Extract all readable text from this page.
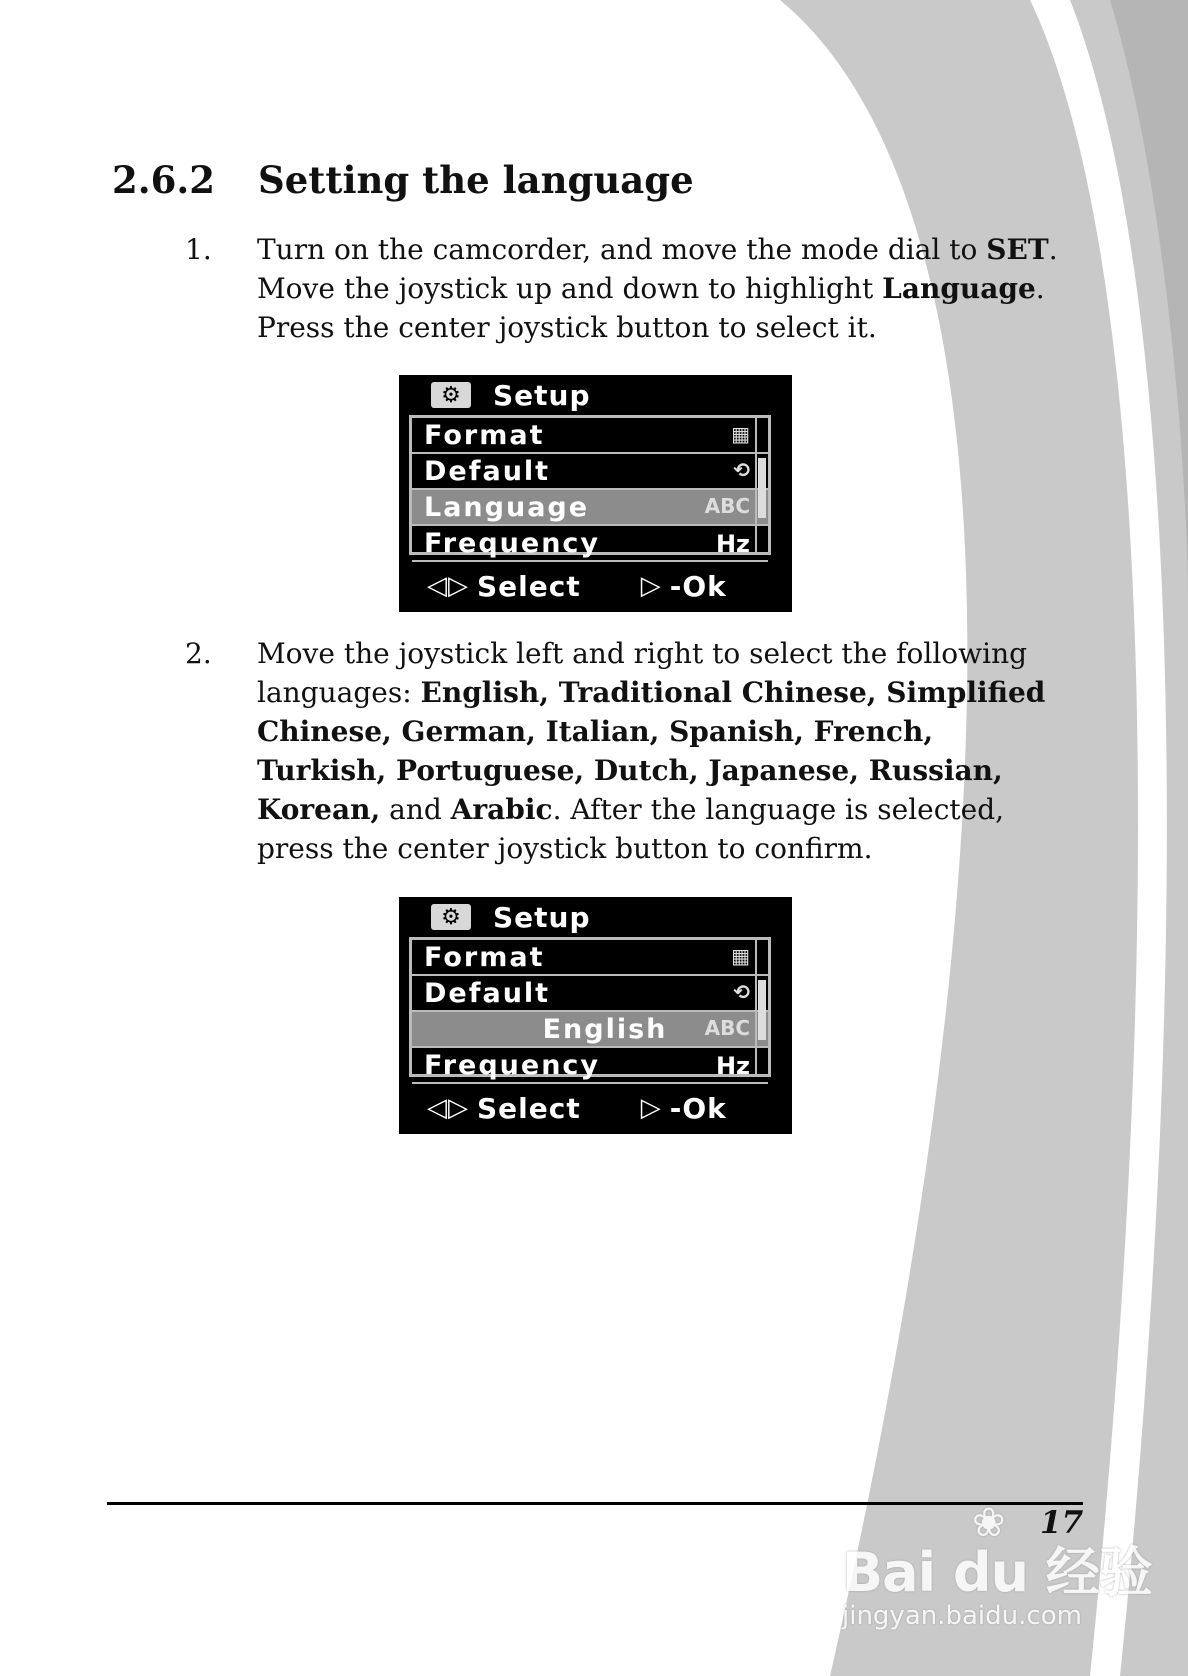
2.6.2 Setting the language
1. Turn on the camcorder, and move the mode dial to SET. Move the joystick up and down to highlight Language. Press the center joystick button to select it.
⚙	Setup
Format	▦
Default	⟲
Language	ABC
Frequency	Hz
◁▷ Select ▷ -Ok
2. Move the joystick left and right to select the following languages: English, Traditional Chinese, Simplified Chinese, German, Italian, Spanish, French, Turkish, Portuguese, Dutch, Japanese, Russian, Korean, and Arabic. After the language is selected, press the center joystick button to confirm.
⚙	Setup
Format	▦
Default	⟲
English ABC
Frequency	Hz
◁▷ Select ▷ -Ok
17
❀
Bai du 经验
jingyan.baidu.com
